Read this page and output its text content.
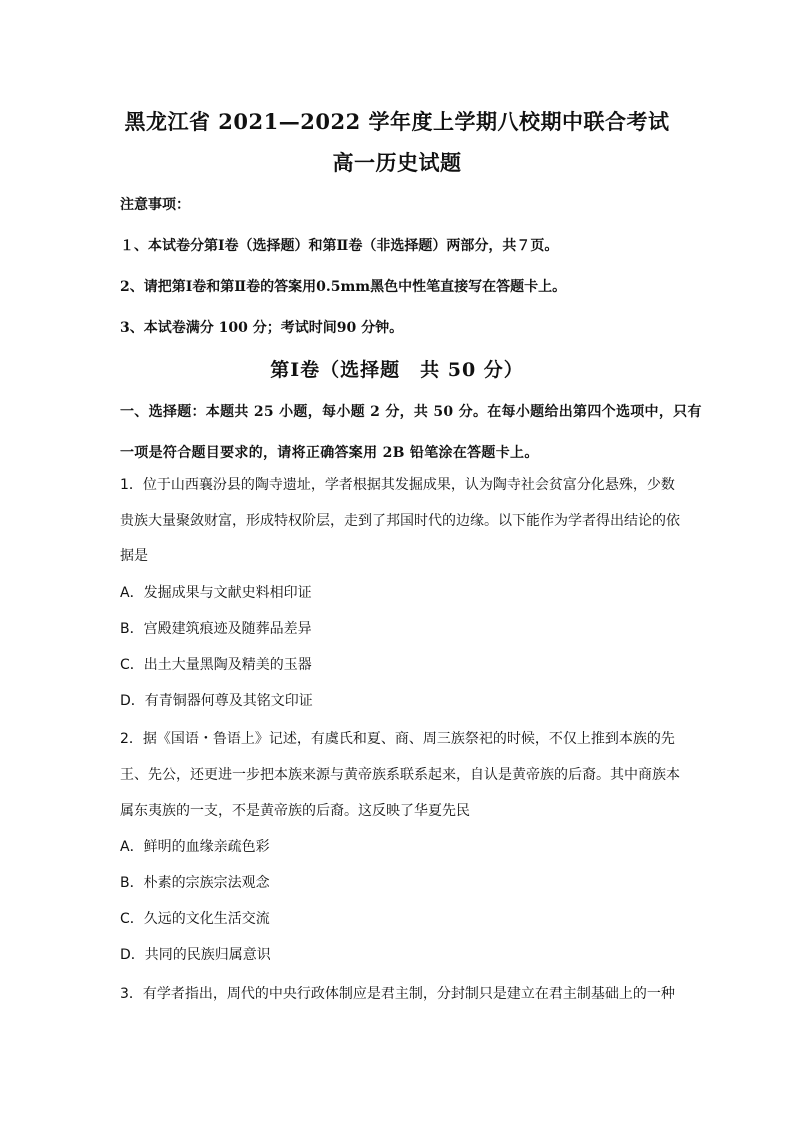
黑龙江省 2021—2022 学年度上学期八校期中联合考试
高一历史试题
注意事项：
１、本试卷分第Ⅰ卷（选择题）和第Ⅱ卷（非选择题）两部分，共７页。
2、请把第Ⅰ卷和第Ⅱ卷的答案用0.5mm黑色中性笔直接写在答题卡上。
3、本试卷满分 100 分；考试时间90 分钟。
第Ⅰ卷（选择题　共 50 分）
一、选择题：本题共 25 小题，每小题 2 分，共 50 分。在每小题给出第四个选项中，只有
一项是符合题目要求的，请将正确答案用 2B 铅笔涂在答题卡上。
1．位于山西襄汾县的陶寺遗址，学者根据其发掘成果，认为陶寺社会贫富分化悬殊，少数
贵族大量聚敛财富，形成特权阶层，走到了邦国时代的边缘。以下能作为学者得出结论的依
据是
A．发掘成果与文献史料相印证
B．宫殿建筑痕迹及随葬品差异
C．出土大量黑陶及精美的玉器
D．有青铜器何尊及其铭文印证
2．据《国语・鲁语上》记述，有虞氏和夏、商、周三族祭祀的时候，不仅上推到本族的先
王、先公，还更进一步把本族来源与黄帝族系联系起来，自认是黄帝族的后裔。其中商族本
属东夷族的一支，不是黄帝族的后裔。这反映了华夏先民
A．鲜明的血缘亲疏色彩
B．朴素的宗族宗法观念
C．久远的文化生活交流
D．共同的民族归属意识
3．有学者指出，周代的中央行政体制应是君主制，分封制只是建立在君主制基础上的一种
